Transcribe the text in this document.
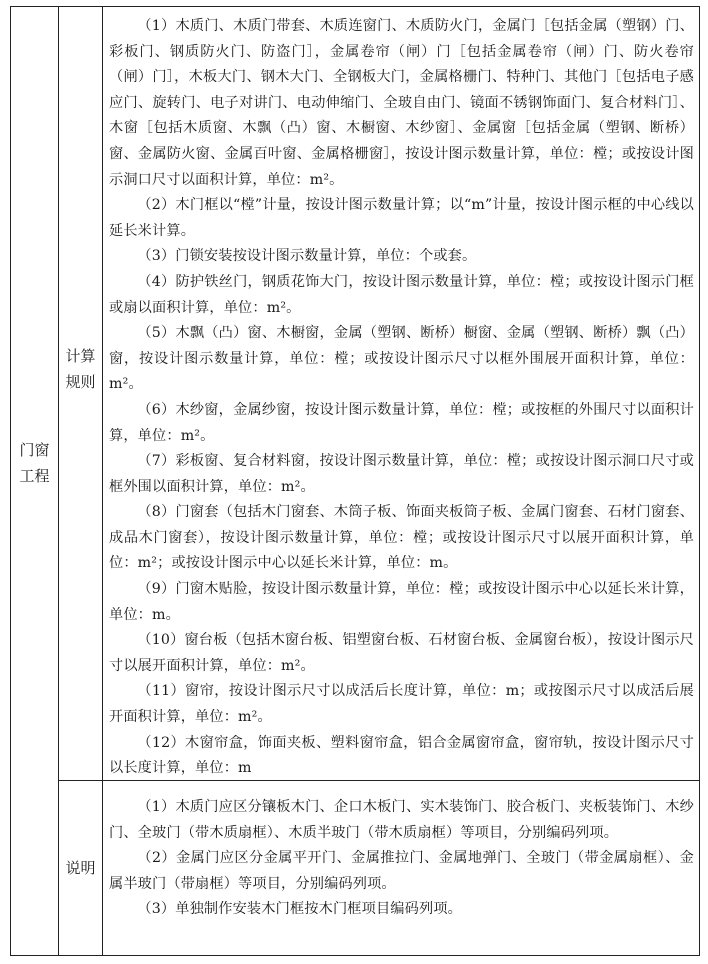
门窗工程
计算规则
说明

（1）木质门、木质门带套、木质连窗门、木质防火门，金属门［包括金属（塑钢）门、彩板门、钢质防火门、防盗门］，金属卷帘（闸）门［包括金属卷帘（闸）门、防火卷帘（闸）门］，木板大门、钢木大门、全钢板大门，金属格栅门、特种门、其他门［包括电子感应门、旋转门、电子对讲门、电动伸缩门、全玻自由门、镜面不锈钢饰面门、复合材料门］、木窗［包括木质窗、木飘（凸）窗、木橱窗、木纱窗］、金属窗［包括金属（塑钢、断桥）窗、金属防火窗、金属百叶窗、金属格栅窗］，按设计图示数量计算，单位：樘；或按设计图示洞口尺寸以面积计算，单位：m²。

（2）木门框以“樘”计量，按设计图示数量计算；以“m”计量，按设计图示框的中心线以延长米计算。

（3）门锁安装按设计图示数量计算，单位：个或套。

（4）防护铁丝门，钢质花饰大门，按设计图示数量计算，单位：樘；或按设计图示门框或扇以面积计算，单位：m²。

（5）木飘（凸）窗、木橱窗，金属（塑钢、断桥）橱窗、金属（塑钢、断桥）飘（凸）窗，按设计图示数量计算，单位：樘；或按设计图示尺寸以框外围展开面积计算，单位：m²。

（6）木纱窗，金属纱窗，按设计图示数量计算，单位：樘；或按框的外围尺寸以面积计算，单位：m²。

（7）彩板窗、复合材料窗，按设计图示数量计算，单位：樘；或按设计图示洞口尺寸或框外围以面积计算，单位：m²。

（8）门窗套（包括木门窗套、木筒子板、饰面夹板筒子板、金属门窗套、石材门窗套、成品木门窗套），按设计图示数量计算，单位：樘；或按设计图示尺寸以展开面积计算，单位：m²；或按设计图示中心以延长米计算，单位：m。

（9）门窗木贴脸，按设计图示数量计算，单位：樘；或按设计图示中心以延长米计算，单位：m。

（10）窗台板（包括木窗台板、铝塑窗台板、石材窗台板、金属窗台板），按设计图示尺寸以展开面积计算，单位：m²。

（11）窗帘，按设计图示尺寸以成活后长度计算，单位：m；或按图示尺寸以成活后展开面积计算，单位：m²。

（12）木窗帘盒，饰面夹板、塑料窗帘盒，铝合金属窗帘盒，窗帘轨，按设计图示尺寸以长度计算，单位：m

（1）木质门应区分镶板木门、企口木板门、实木装饰门、胶合板门、夹板装饰门、木纱门、全玻门（带木质扇框）、木质半玻门（带木质扇框）等项目，分别编码列项。

（2）金属门应区分金属平开门、金属推拉门、金属地弹门、全玻门（带金属扇框）、金属半玻门（带扇框）等项目，分别编码列项。

（3）单独制作安装木门框按木门框项目编码列项。
